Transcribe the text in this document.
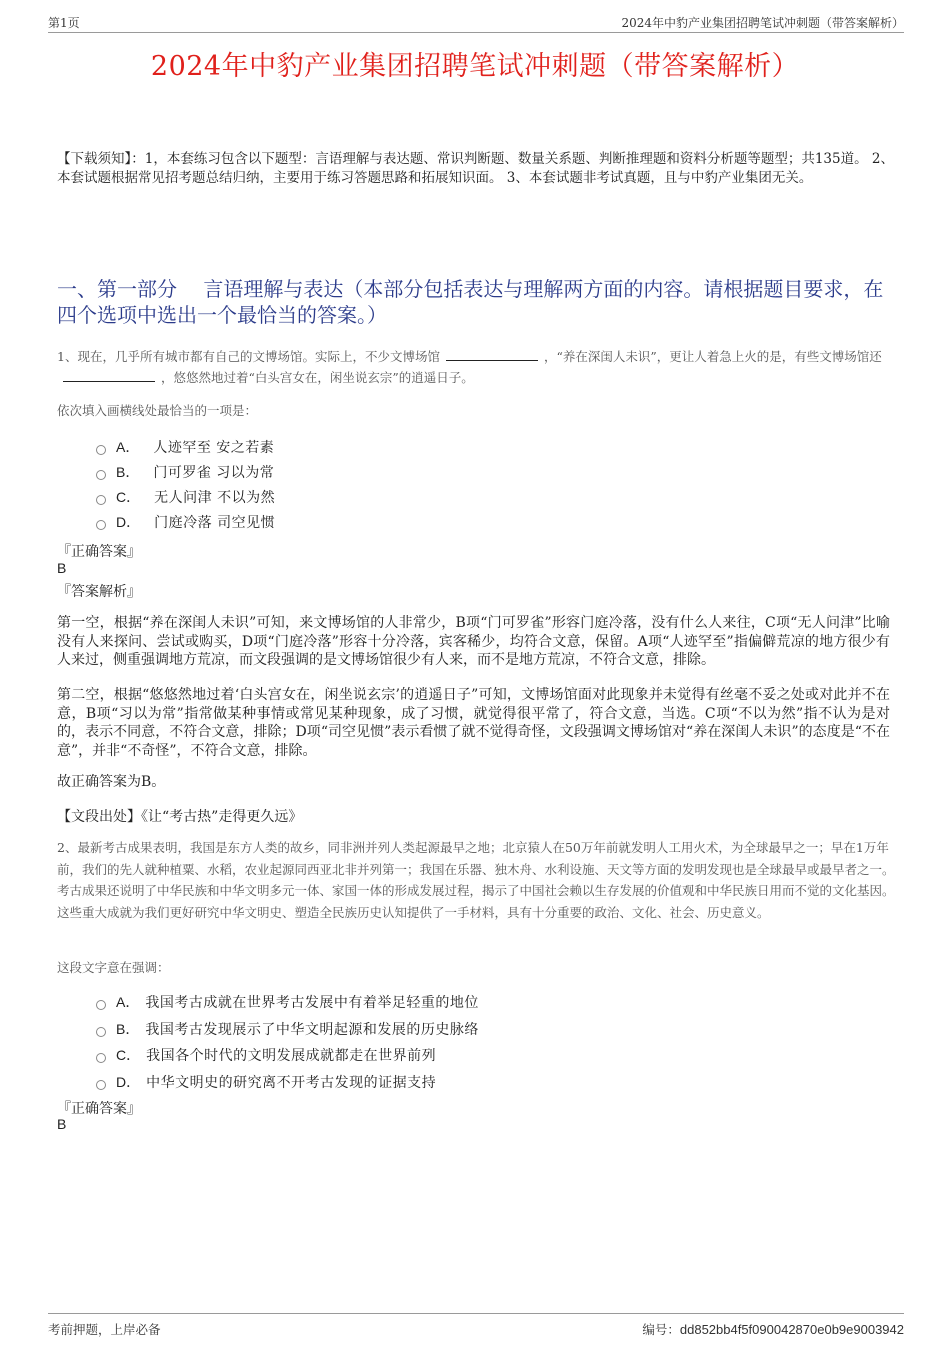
第1页	2024年中豹产业集团招聘笔试冲刺题（带答案解析）
2024年中豹产业集团招聘笔试冲刺题（带答案解析）
【下载须知】：1，本套练习包含以下题型：言语理解与表达题、常识判断题、数量关系题、判断推理题和资料分析题等题型；共135道。 2、本套试题根据常见招考题总结归纳，主要用于练习答题思路和拓展知识面。 3、本套试题非考试真题，且与中豹产业集团无关。
一、第一部分　 言语理解与表达（本部分包括表达与理解两方面的内容。请根据题目要求，在四个选项中选出一个最恰当的答案。）
1、现在，几乎所有城市都有自己的文博场馆。实际上，不少文博场馆	，“养在深闺人未识”，更让人着急上火的是，有些文博场馆还，悠悠然地过着“白头宫女在，闲坐说玄宗”的逍遥日子。
依次填入画横线处最恰当的一项是：
A． 人迹罕至 安之若素
B． 门可罗雀 习以为常
C． 无人问津 不以为然
D． 门庭冷落 司空见惯
『正确答案』
B
『答案解析』
第一空，根据“养在深闺人未识”可知，来文博场馆的人非常少，B项“门可罗雀”形容门庭冷落，没有什么人来往，C项“无人问津”比喻没有人来探问、尝试或购买，D项“门庭冷落”形容十分冷落，宾客稀少，均符合文意，保留。A项“人迹罕至”指偏僻荒凉的地方很少有人来过，侧重强调地方荒凉，而文段强调的是文博场馆很少有人来，而不是地方荒凉，不符合文意，排除。
第二空，根据“悠悠然地过着‘白头宫女在，闲坐说玄宗’的逍遥日子”可知，文博场馆面对此现象并未觉得有丝毫不妥之处或对此并不在意，B项“习以为常”指常做某种事情或常见某种现象，成了习惯，就觉得很平常了，符合文意，当选。C项“不以为然”指不认为是对的，表示不同意，不符合文意，排除；D项“司空见惯”表示看惯了就不觉得奇怪，文段强调文博场馆对“养在深闺人未识”的态度是“不在意”，并非“不奇怪”，不符合文意，排除。
故正确答案为B。
【文段出处】《让“考古热”走得更久远》
2、最新考古成果表明，我国是东方人类的故乡，同非洲并列人类起源最早之地；北京猿人在50万年前就发明人工用火术，为全球最早之一；早在1万年前，我们的先人就种植粟、水稻，农业起源同西亚北非并列第一；我国在乐器、独木舟、水利设施、天文等方面的发明发现也是全球最早或最早者之一。考古成果还说明了中华民族和中华文明多元一体、家国一体的形成发展过程，揭示了中国社会赖以生存发展的价值观和中华民族日用而不觉的文化基因。这些重大成就为我们更好研究中华文明史、塑造全民族历史认知提供了一手材料，具有十分重要的政治、文化、社会、历史意义。
这段文字意在强调：
A． 我国考古成就在世界考古发展中有着举足轻重的地位
B． 我国考古发现展示了中华文明起源和发展的历史脉络
C． 我国各个时代的文明发展成就都走在世界前列
D． 中华文明史的研究离不开考古发现的证据支持
『正确答案』
B
考前押题，上岸必备	编号：dd852bb4f5f090042870e0b9e9003942
